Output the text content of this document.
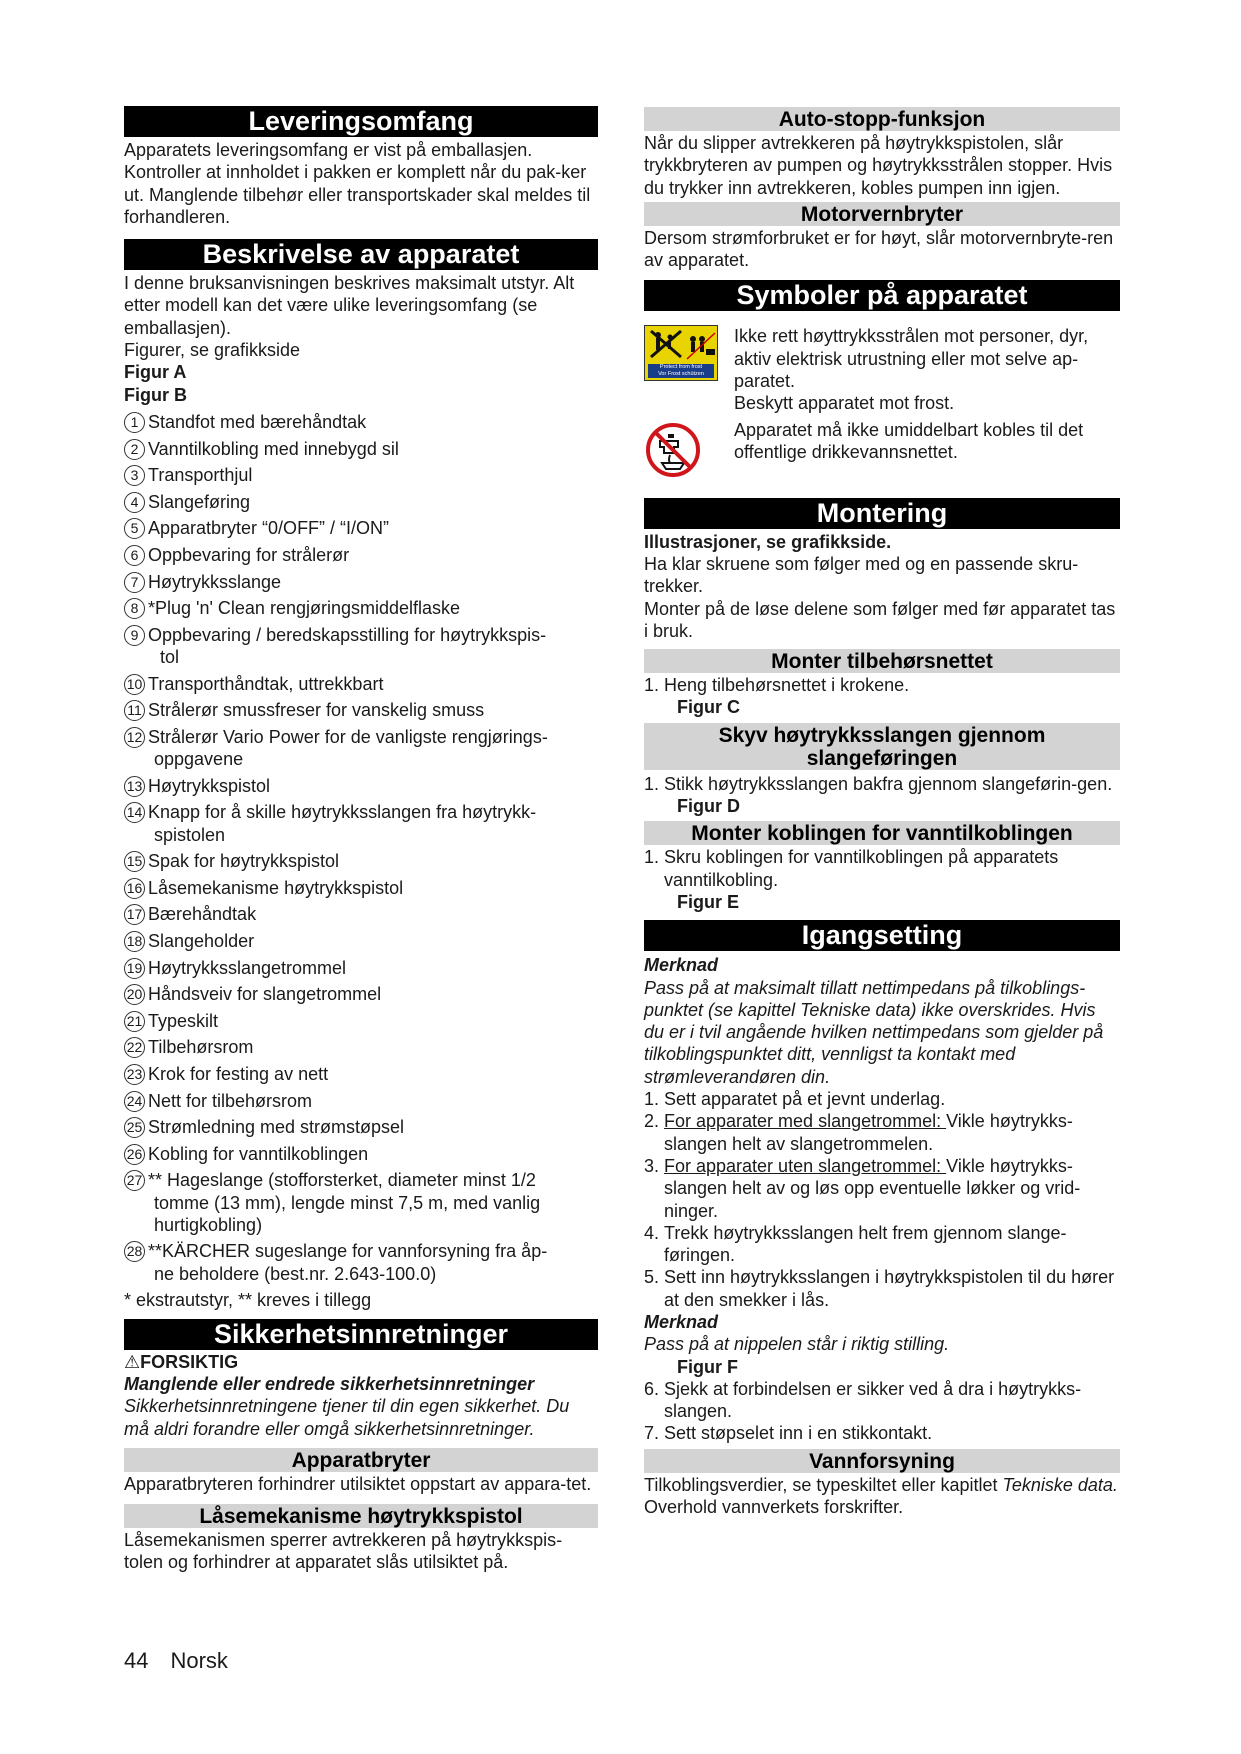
Leveringsomfang

Apparatets leveringsomfang er vist på emballasjen. Kontroller at innholdet i pakken er komplett når du pak-ker ut. Manglende tilbehør eller transportskader skal meldes til forhandleren.

Beskrivelse av apparatet

I denne bruksanvisningen beskrives maksimalt utstyr. Alt etter modell kan det være ulike leveringsomfang (se emballasjen).

Figurer, se grafikkside

Figur A

Figur B

1 Standfot med bærehåndtak
2 Vanntilkobling med innebygd sil
3 Transporthjul
4 Slangeføring
5 Apparatbryter “0/OFF” / “I/ON”
6 Oppbevaring for strålerør
7 Høytrykksslange
8 *Plug 'n' Clean rengjøringsmiddelflaske
9 Oppbevaring / beredskapsstilling for høytrykkspis-
tol
10 Transporthåndtak, uttrekkbart
11 Strålerør smussfreser for vanskelig smuss
12 Strålerør Vario Power for de vanligste rengjørings-
oppgavene
13 Høytrykkspistol
14 Knapp for å skille høytrykksslangen fra høytrykk-
spistolen
15 Spak for høytrykkspistol
16 Låsemekanisme høytrykkspistol
17 Bærehåndtak
18 Slangeholder
19 Høytrykksslangetrommel
20 Håndsveiv for slangetrommel
21 Typeskilt
22 Tilbehørsrom
23 Krok for festing av nett
24 Nett for tilbehørsrom
25 Strømledning med strømstøpsel
26 Kobling for vanntilkoblingen
27 ** Hageslange (stofforsterket, diameter minst 1/2
tomme (13 mm), lengde minst 7,5 m, med vanlig
hurtigkobling)
28 **KÄRCHER sugeslange for vannforsyning fra åp-
ne beholdere (best.nr. 2.643-100.0)

* ekstrautstyr, ** kreves i tillegg

Sikkerhetsinnretninger

⚠FORSIKTIG

Manglende eller endrede sikkerhetsinnretninger

Sikkerhetsinnretningene tjener til din egen sikkerhet. Du må aldri forandre eller omgå sikkerhetsinnretninger.

Apparatbryter

Apparatbryteren forhindrer utilsiktet oppstart av appara-tet.

Låsemekanisme høytrykkspistol

Låsemekanismen sperrer avtrekkeren på høytrykkspis-tolen og forhindrer at apparatet slås utilsiktet på.

Auto-stopp-funksjon

Når du slipper avtrekkeren på høytrykkspistolen, slår trykkbryteren av pumpen og høytrykksstrålen stopper. Hvis du trykker inn avtrekkeren, kobles pumpen inn igjen.

Motorvernbryter

Dersom strømforbruket er for høyt, slår motorvernbryte-ren av apparatet.

Symboler på apparatet
Protect from frost
Vor Frost schützen

Ikke rett høyttrykksstrålen mot personer, dyr, aktiv elektrisk utrustning eller mot selve ap-paratet.

Beskytt apparatet mot frost.

Apparatet må ikke umiddelbart kobles til det offentlige drikkevannsnettet.

Montering

Illustrasjoner, se grafikkside.

Ha klar skruene som følger med og en passende skru-trekker.

Monter på de løse delene som følger med før apparatet tas i bruk.

Monter tilbehørsnettet
1. Heng tilbehørsnettet i krokene.

Figur C

Skyv høytrykksslangen gjennom
slangeføringen
1. Stikk høytrykksslangen bakfra gjennom slangeførin-gen.

Figur D

Monter koblingen for vanntilkoblingen
1. Skru koblingen for vanntilkoblingen på apparatets vanntilkobling.

Figur E

Igangsetting

Merknad

Pass på at maksimalt tillatt nettimpedans på tilkoblings-punktet (se kapittel Tekniske data) ikke overskrides. Hvis du er i tvil angående hvilken nettimpedans som gjelder på tilkoblingspunktet ditt, vennligst ta kontakt med strømleverandøren din.

1. Sett apparatet på et jevnt underlag.
2. For apparater med slangetrommel: Vikle høytrykks-slangen helt av slangetrommelen.
3. For apparater uten slangetrommel: Vikle høytrykks-slangen helt av og løs opp eventuelle løkker og vrid-ninger.
4. Trekk høytrykksslangen helt frem gjennom slange-føringen.
5. Sett inn høytrykksslangen i høytrykkspistolen til du hører at den smekker i lås.

Merknad

Pass på at nippelen står i riktig stilling.

Figur F

6. Sjekk at forbindelsen er sikker ved å dra i høytrykks-slangen.
7. Sett støpselet inn i en stikkontakt.
Vannforsyning

Tilkoblingsverdier, se typeskiltet eller kapitlet Tekniske data.

Overhold vannverkets forskrifter.

44 Norsk
